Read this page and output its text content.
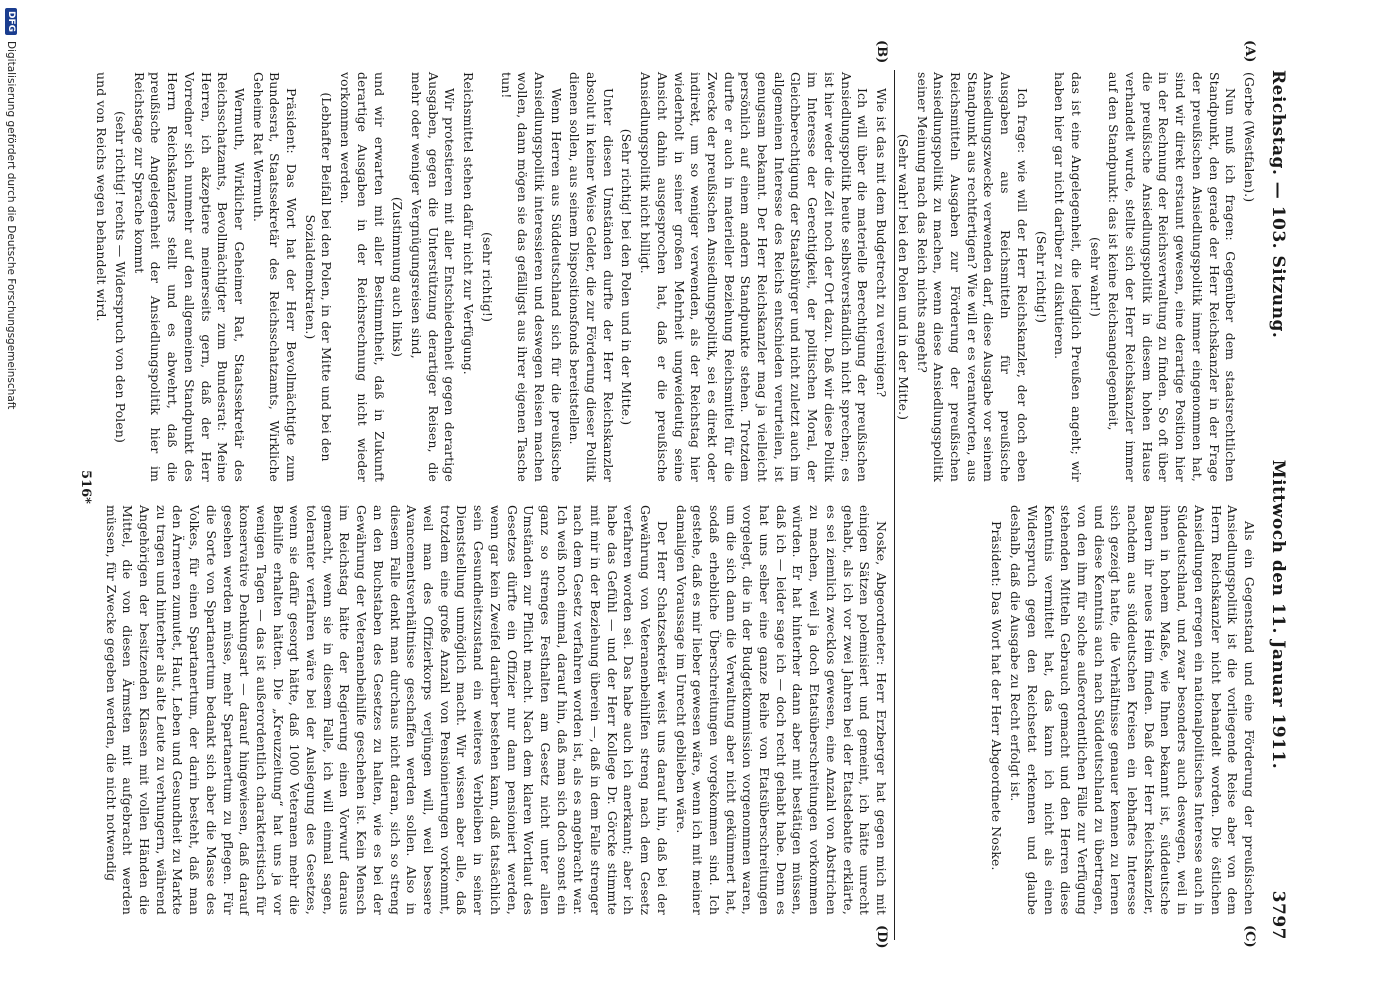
Reichstag. — 103. Sitzung.
Mittwoch den 11. Januar 1911.
3797
(A)
(B)
(C)
(D)

(Gerbe (Westfalen).)

Nun muß ich fragen: Gegenüber dem staatsrechtlichen Standpunkt, den gerade der Herr Reichskanzler in der Frage der preußischen Ansiedlungspolitik immer eingenommen hat, sind wir direkt erstaunt gewesen, eine derartige Position hier in der Rechnung der Reichsverwaltung zu finden. So oft über die preußische Ansiedlungspolitik in diesem hohen Hause verhandelt wurde, stellte sich der Herr Reichskanzler immer auf den Standpunkt: das ist keine Reichsangelegenheit,

(sehr wahr!)

das ist eine Angelegenheit, die lediglich Preußen angeht; wir haben hier gar nicht darüber zu diskutieren.

(Sehr richtig!)

Ich frage: wie will der Herr Reichskanzler, der doch eben Ausgaben aus Reichsmitteln für preußische Ansiedlungszwecke verwenden darf, diese Ausgabe vor seinem Standpunkt aus rechtfertigen? Wie will er es verantworten, aus Reichsmitteln Ausgaben zur Förderung der preußischen Ansiedlungspolitik zu machen, wenn diese Ansiedlungspolitik seiner Meinung nach das Reich nichts angeht?

(Sehr wahr! bei den Polen und in der Mitte.)

Als ein Gegenstand und eine Förderung der preußischen Ansiedlungspolitik ist die vorliegende Reise aber von dem Herrn Reichskanzler nicht behandelt worden. Die östlichen Ansiedlungen erregen ein nationalpolitisches Interesse auch in Süddeutschland, und zwar besonders auch deswegen, weil in ihnen in hohem Maße, wie Ihnen bekannt ist, süddeutsche Bauern ihr neues Heim finden. Daß der Herr Reichskanzler, nachdem aus süddeutschen Kreisen ein lebhaftes Interesse sich gezeigt hatte, die Verhältnisse genauer kennen zu lernen und diese Kenntnis auch nach Süddeutschland zu übertragen, von den ihm für solche außerordentlichen Fälle zur Verfügung stehenden Mitteln Gebrauch gemacht und den Herren diese Kenntnis vermittelt hat, das kann ich nicht als einen Widerspruch gegen den Reichsetat erkennen und glaube deshalb, daß die Ausgabe zu Recht erfolgt ist.

Präsident: Das Wort hat der Herr Abgeordnete Noske.

Wie ist das mit dem Budgetrecht zu vereinigen?

Ich will über die materielle Berechtigung der preußischen Ansiedlungspolitik heute selbstverständlich nicht sprechen; es ist hier weder die Zeit noch der Ort dazu. Daß wir diese Politik im Interesse der Gerechtigkeit, der politischen Moral, der Gleichberechtigung der Staatsbürger und nicht zuletzt auch im allgemeinen Interesse des Reichs entschieden verurteilen, ist genugsam bekannt. Der Herr Reichskanzler mag ja vielleicht persönlich auf einem andern Standpunkte stehen. Trotzdem durfte er auch in materieller Beziehung Reichsmittel für die Zwecke der preußischen Ansiedlungspolitik, sei es direkt oder indirekt, um so weniger verwenden, als der Reichstag hier wiederholt in seiner großen Mehrheit ungweideutig seine Ansicht dahin ausgesprochen hat, daß er die preußische Ansiedlungspolitik nicht billigt.

(Sehr richtig! bei den Polen und in der Mitte.)

Unter diesen Umständen durfte der Herr Reichskanzler absolut in keiner Weise Gelder, die zur Förderung dieser Politik dienen sollen, aus seinem Dispositionsfonds bereitstellen.

Wenn Herren aus Süddeutschland sich für die preußische Ansiedlungspolitik interessieren und deswegen Reisen machen wollen, dann mögen sie das gefälligst aus ihrer eigenen Tasche tun!

(sehr richtig!)

Reichsmittel stehen dafür nicht zur Verfügung.

Wir protestieren mit aller Entschiedenheit gegen derartige Ausgaben, gegen die Unterstützung derartiger Reisen, die mehr oder weniger Vergnügungsreisen sind,

(Zustimmung auch links)

und wir erwarten mit aller Bestimmtheit, daß in Zukunft derartige Ausgaben in der Reichsrechnung nicht wieder vorkommen werden.

(Lebhafter Beifall bei den Polen, in der Mitte und bei den Sozialdemokraten.)

Präsident: Das Wort hat der Herr Bevollmächtigte zum Bundesrat, Staatssekretär des Reichsschatzamts, Wirkliche Geheime Rat Wermuth.

Wermuth, Wirklicher Geheimer Rat, Staatssekretär des Reichsschatzamts, Bevollmächtigter zum Bundesrat: Meine Herren, ich akzeptiere meinerseits gern, daß der Herr Vorredner sich nunmehr auf den allgemeinen Standpunkt des Herrn Reichskanzlers stellt und es abwehrt, daß die preußische Angelegenheit der Ansiedlungspolitik hier im Reichstage zur Sprache kommt

(sehr richtig! rechts — Widerspruch von den Polen)

und von Reichs wegen behandelt wird.

Noske, Abgeordneter: Herr Erzberger hat gegen mich mit einigen Sätzen polemisiert und gemeint, ich hätte unrecht gehabt, als ich vor zwei Jahren bei der Etatsdebatte erklärte, es sei ziemlich zwecklos gewesen, eine Anzahl von Abstrichen zu machen, weil ja doch Etatsüberschreitungen vorkommen würden. Er hat hinterher dann aber mit bestätigen müssen, daß ich — leider sage ich — doch recht gehabt habe. Denn es hat uns selber eine ganze Reihe von Etatsüberschreitungen vorgelegt, die in der Budgetkommission vorgenommen waren, um die sich dann die Verwaltung aber nicht gekümmert hat, sodaß erhebliche Überschreitungen vorgekommen sind. Ich gestehe, daß es mir lieber gewesen wäre, wenn ich mit meiner damaligen Voraussage im Unrecht geblieben wäre.

Der Herr Schatzsekretär weist uns darauf hin, daß bei der Gewährung von Veteranenbeihilfen streng nach dem Gesetz verfahren worden sei. Das habe auch ich anerkannt; aber ich habe das Gefühl — und der Herr Kollege Dr. Görcke stimmte mit mir in der Beziehung überein —, daß in dem Falle strenger nach dem Gesetz verfahren worden ist, als es angebracht war. Ich weiß noch einmal, darauf hin, daß man sich doch sonst ein ganz so strenges Festhalten am Gesetz nicht unter allen Umständen zur Pflicht macht. Nach dem klaren Wortlaut des Gesetzes dürfte ein Offizier nur dann pensioniert werden, wenn gar kein Zweifel darüber bestehen kann, daß tatsächlich sein Gesundheitszustand ein weiteres Verbleiben in seiner Dienststellung unmöglich macht. Wir wissen aber alle, daß trotzdem eine große Anzahl von Pensionierungen vorkommt, weil man des Offizierkorps verjüngen will, weil bessere Avancementsverhältnisse geschaffen werden sollen. Also in diesem Falle denkt man durchaus nicht daran, sich so streng an den Buchstaben des Gesetzes zu halten, wie es bei der Gewährung der Veteranenbeihilfe geschehen ist. Kein Mensch im Reichstag hätte der Regierung einen Vorwurf daraus gemacht, wenn sie in diesem Falle, ich will einmal sagen, toleranter verfahren wäre bei der Auslegung des Gesetzes, wenn sie dafür gesorgt hätte, daß 1000 Veteranen mehr die Beihilfe erhalten hätten. Die „Kreuzzeitung“ hat uns ja vor wenigen Tagen — das ist außerordentlich charakteristisch für konservative Denkungsart — darauf hingewiesen, daß darauf gesehen werden müsse, mehr Spartanertum zu pflegen. Für die Sorte von Spartanertum bedankt sich aber die Masse des Volkes, für einen Spartanertum, der darin besteht, daß man den Ärmeren zumutet, Haut, Leben und Gesundheit zu Markte zu tragen und hinterher als alte Leute zu verhungern, während Angehörigen der besitzenden Klassen mit vollen Händen die Mittel, die von diesen Ärmsten mit aufgebracht werden müssen, für Zwecke gegeben werden, die nicht notwendig

516*
DFG
Digitalisierung gefördert durch die Deutsche Forschungsgemeinschaft
